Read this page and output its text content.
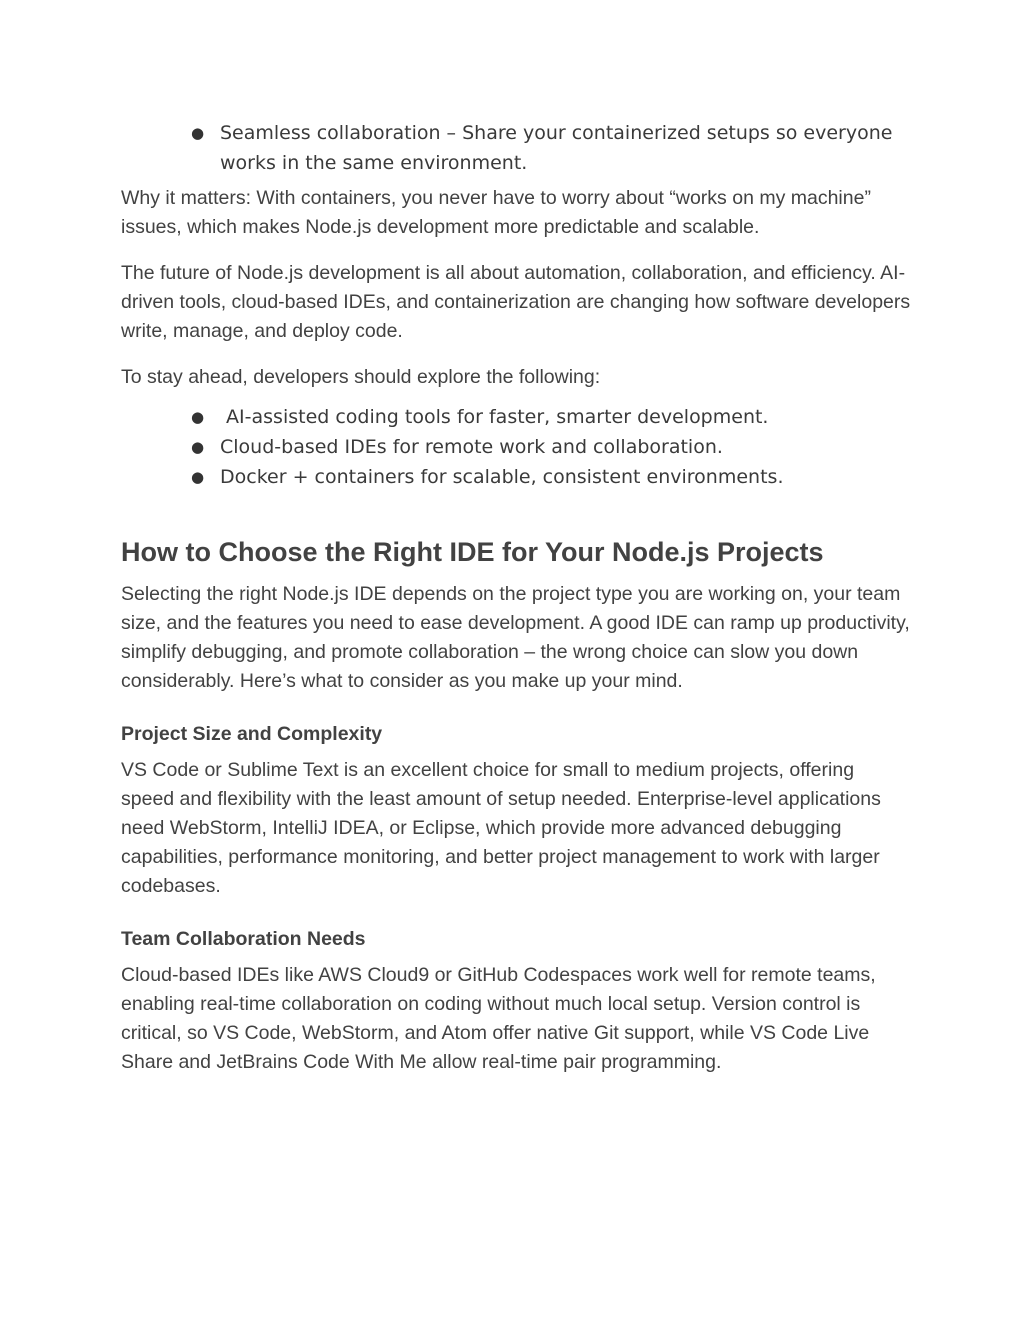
● Seamless collaboration – Share your containerized setups so everyone works in the same environment.

Why it matters: With containers, you never have to worry about “works on my machine” issues, which makes Node.js development more predictable and scalable.

The future of Node.js development is all about automation, collaboration, and efficiency. AI-driven tools, cloud-based IDEs, and containerization are changing how software developers write, manage, and deploy code.

To stay ahead, developers should explore the following:

● AI-assisted coding tools for faster, smarter development.
● Cloud-based IDEs for remote work and collaboration.
● Docker + containers for scalable, consistent environments.
How to Choose the Right IDE for Your Node.js Projects

Selecting the right Node.js IDE depends on the project type you are working on, your team size, and the features you need to ease development. A good IDE can ramp up productivity, simplify debugging, and promote collaboration – the wrong choice can slow you down considerably. Here’s what to consider as you make up your mind.

Project Size and Complexity

VS Code or Sublime Text is an excellent choice for small to medium projects, offering speed and flexibility with the least amount of setup needed. Enterprise-level applications need WebStorm, IntelliJ IDEA, or Eclipse, which provide more advanced debugging capabilities, performance monitoring, and better project management to work with larger codebases.

Team Collaboration Needs

Cloud-based IDEs like AWS Cloud9 or GitHub Codespaces work well for remote teams, enabling real-time collaboration on coding without much local setup. Version control is critical, so VS Code, WebStorm, and Atom offer native Git support, while VS Code Live Share and JetBrains Code With Me allow real-time pair programming.
